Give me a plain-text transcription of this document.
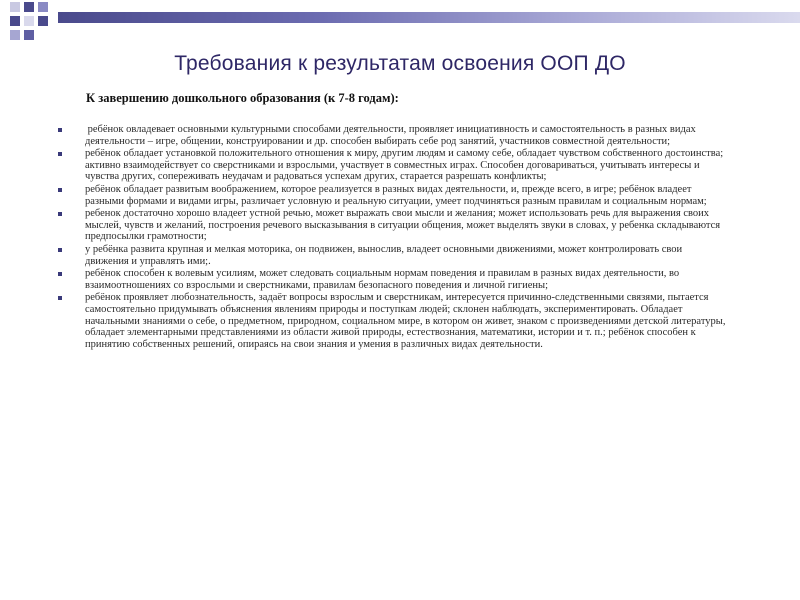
Требования к результатам освоения ООП ДО
К завершению дошкольного образования (к 7-8 годам):
ребёнок овладевает основными культурными способами деятельности, проявляет инициативность и самостоятельность в разных видах деятельности – игре, общении, конструировании и др. способен выбирать себе род занятий, участников совместной деятельности;
ребёнок обладает установкой положительного отношения к миру, другим людям и самому себе, обладает чувством собственного достоинства; активно взаимодействует со сверстниками и взрослыми, участвует в совместных играх. Способен договариваться, учитывать интересы и чувства других, сопереживать неудачам и радоваться успехам других, старается разрешать конфликты;
ребёнок обладает развитым воображением, которое реализуется в разных видах деятельности, и, прежде всего, в игре; ребёнок владеет разными формами и видами игры, различает условную и реальную ситуации, умеет подчиняться разным правилам и социальным нормам;
ребенок достаточно хорошо владеет устной речью, может выражать свои мысли и желания; может использовать речь для выражения своих мыслей, чувств и желаний, построения речевого высказывания в ситуации общения, может выделять звуки в словах, у ребенка складываются предпосылки грамотности;
у ребёнка развита крупная и мелкая моторика, он подвижен, вынослив, владеет основными движениями, может контролировать свои движения и управлять ими;.
ребёнок способен к волевым усилиям, может следовать социальным нормам поведения и правилам в разных видах деятельности, во взаимоотношениях со взрослыми и сверстниками, правилам безопасного поведения и личной гигиены;
ребёнок проявляет любознательность, задаёт вопросы взрослым и сверстникам, интересуется причинно-следственными связями, пытается самостоятельно придумывать объяснения явлениям природы и поступкам людей; склонен наблюдать, экспериментировать. Обладает начальными знаниями о себе, о предметном, природном, социальном мире, в котором он живет, знаком с произведениями детской литературы, обладает элементарными представлениями из области живой природы, естествознания, математики, истории и т. п.; ребёнок способен к принятию собственных решений, опираясь на свои знания и умения в различных видах деятельности.
